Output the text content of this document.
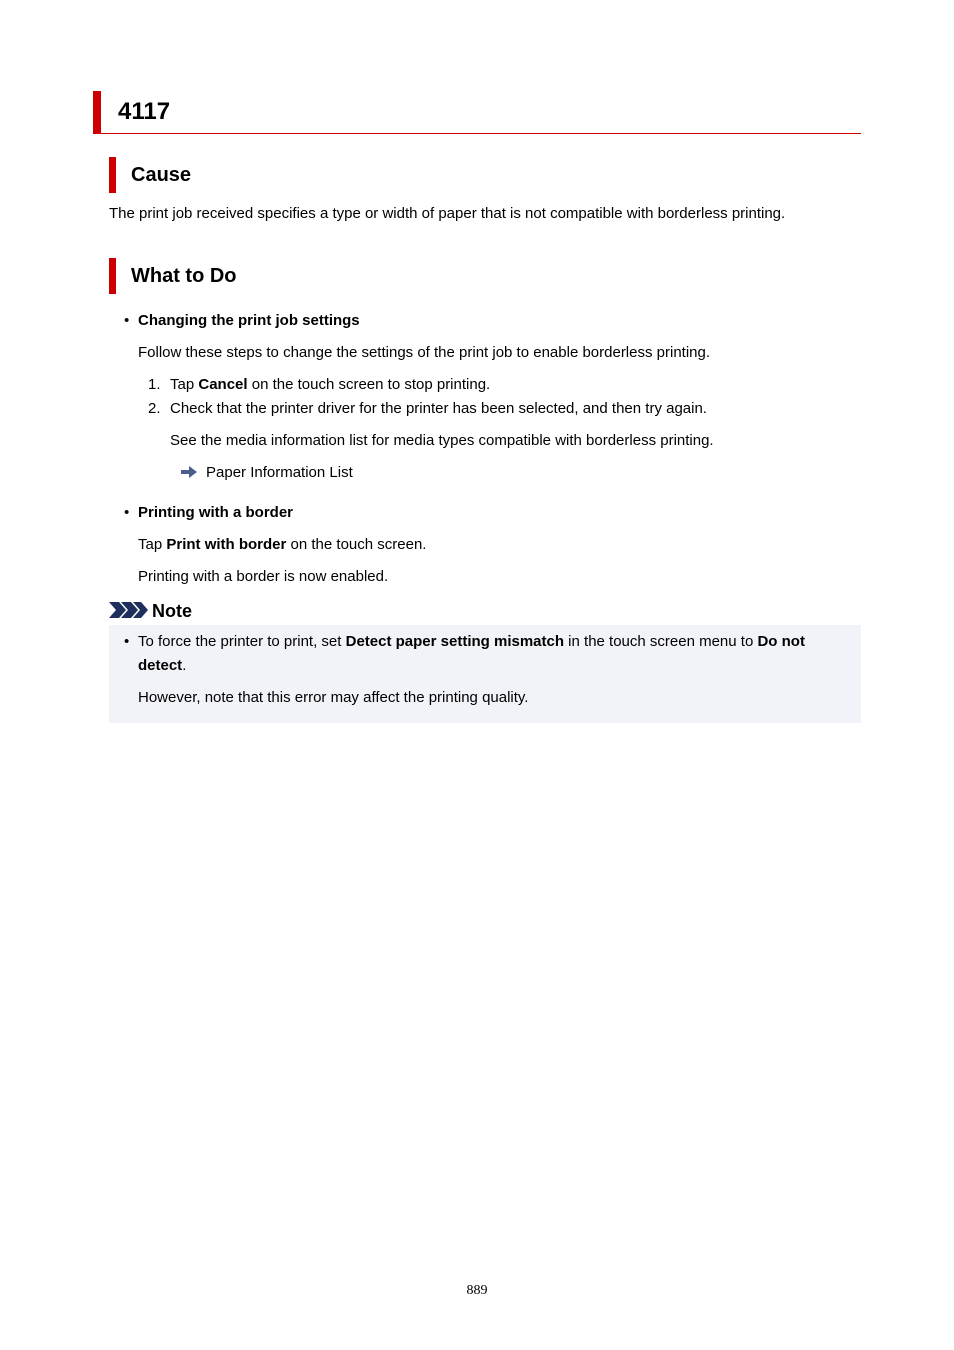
4117
Cause
The print job received specifies a type or width of paper that is not compatible with borderless printing.
What to Do
• Changing the print job settings
Follow these steps to change the settings of the print job to enable borderless printing.
1. Tap Cancel on the touch screen to stop printing.
2. Check that the printer driver for the printer has been selected, and then try again.
See the media information list for media types compatible with borderless printing.
Paper Information List
• Printing with a border
Tap Print with border on the touch screen.
Printing with a border is now enabled.
Note
• To force the printer to print, set Detect paper setting mismatch in the touch screen menu to Do not
detect.
However, note that this error may affect the printing quality.
889
